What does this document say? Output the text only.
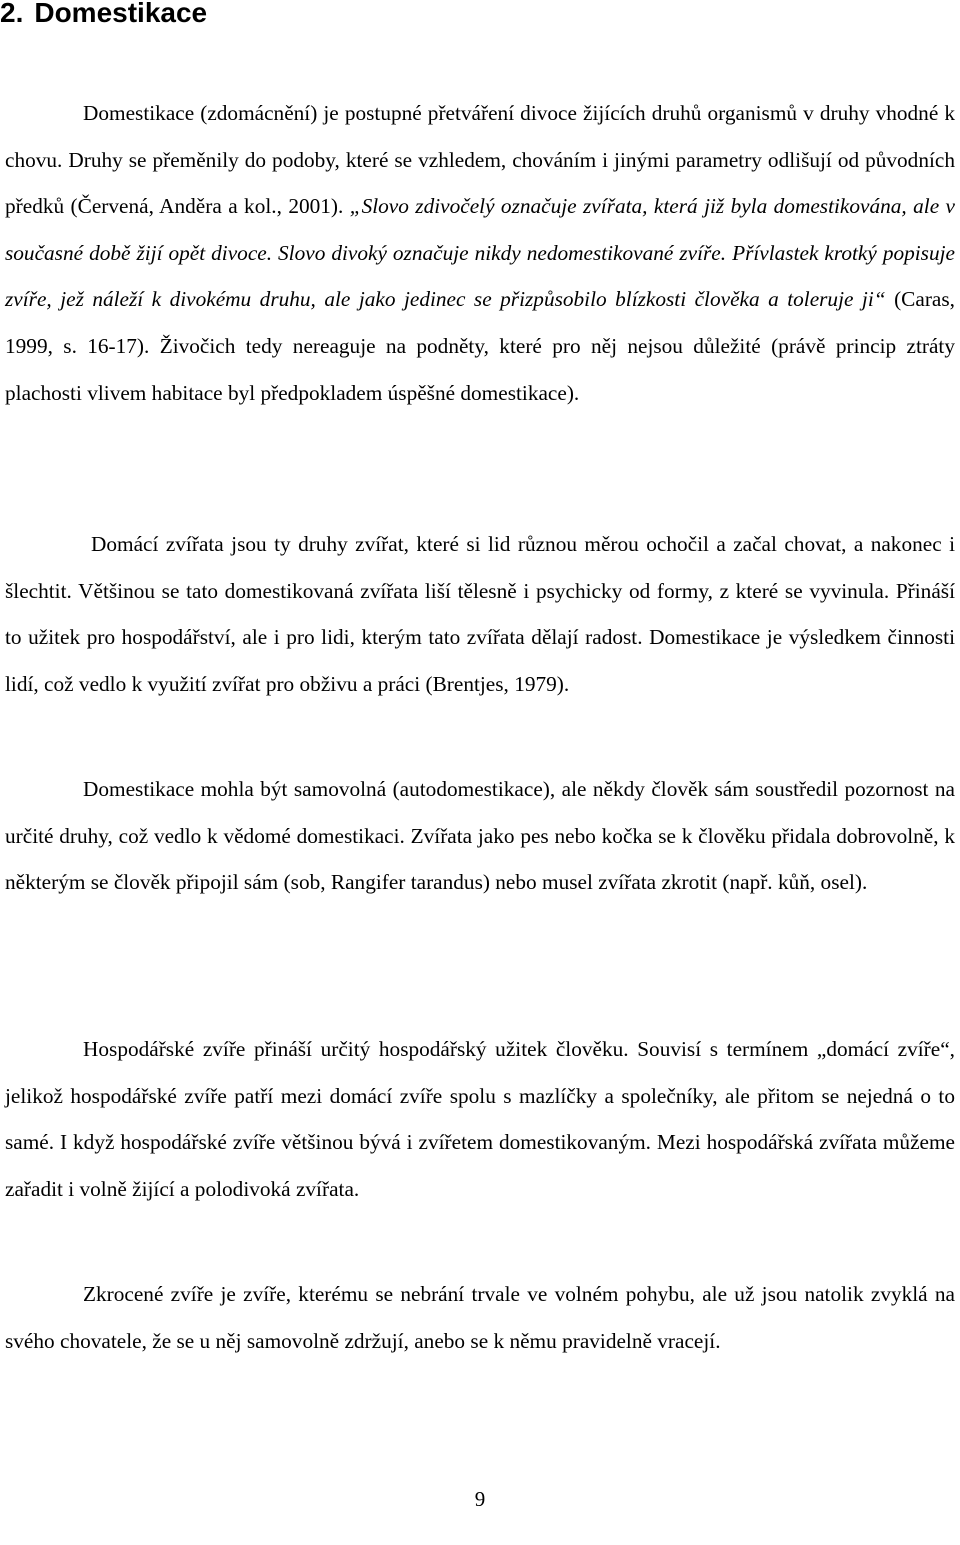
2. Domestikace

Domestikace (zdomácnění) je postupné přetváření divoce žijících druhů organismů v druhy vhodné k chovu. Druhy se přeměnily do podoby, které se vzhledem, chováním i jinými parametry odlišují od původních předků (Červená, Anděra a kol., 2001). „Slovo zdivočelý označuje zvířata, která již byla domestikována, ale v současné době žijí opět divoce. Slovo divoký označuje nikdy nedomestikované zvíře. Přívlastek krotký popisuje zvíře, jež náleží k divokému druhu, ale jako jedinec se přizpůsobilo blízkosti člověka a toleruje ji“ (Caras, 1999, s. 16-17). Živočich tedy nereaguje na podněty, které pro něj nejsou důležité (právě princip ztráty plachosti vlivem habitace byl předpokladem úspěšné domestikace).

Domácí zvířata jsou ty druhy zvířat, které si lid různou měrou ochočil a začal chovat, a nakonec i šlechtit. Většinou se tato domestikovaná zvířata liší tělesně i psychicky od formy, z které se vyvinula. Přináší to užitek pro hospodářství, ale i pro lidi, kterým tato zvířata dělají radost. Domestikace je výsledkem činnosti lidí, což vedlo k využití zvířat pro obživu a práci (Brentjes, 1979).

Domestikace mohla být samovolná (autodomestikace), ale někdy člověk sám soustředil pozornost na určité druhy, což vedlo k vědomé domestikaci. Zvířata jako pes nebo kočka se k člověku přidala dobrovolně, k některým se člověk připojil sám (sob, Rangifer tarandus) nebo musel zvířata zkrotit (např. kůň, osel).

Hospodářské zvíře přináší určitý hospodářský užitek člověku. Souvisí s termínem „domácí zvíře“, jelikož hospodářské zvíře patří mezi domácí zvíře spolu s mazlíčky a společníky, ale přitom se nejedná o to samé. I když hospodářské zvíře většinou bývá i zvířetem domestikovaným. Mezi hospodářská zvířata můžeme zařadit i volně žijící a polodivoká zvířata.

Zkrocené zvíře je zvíře, kterému se nebrání trvale ve volném pohybu, ale už jsou natolik zvyklá na svého chovatele, že se u něj samovolně zdržují, anebo se k němu pravidelně vracejí.

9
